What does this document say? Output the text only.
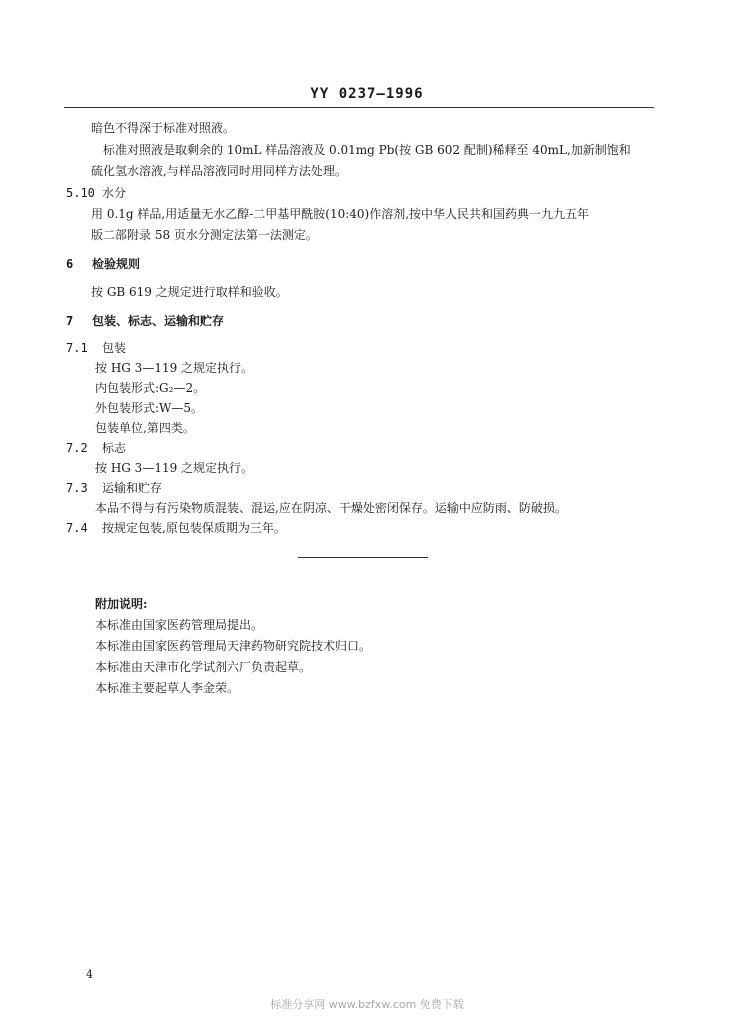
YY 0237—1996
暗色不得深于标准对照液。
标准对照液是取剩余的 10mL 样品溶液及 0.01mg Pb(按 GB 602 配制)稀释至 40mL,加新制饱和
硫化氢水溶液,与样品溶液同时用同样方法处理。
5.10 水分
用 0.1g 样品,用适量无水乙醇-二甲基甲酰胺(10:40)作溶剂,按中华人民共和国药典一九九五年
版二部附录 58 页水分测定法第一法测定。
6 检验规则
按 GB 619 之规定进行取样和验收。
7 包装、标志、运输和贮存
7.1 包装
按 HG 3—119 之规定执行。
内包装形式:G₂—2。
外包装形式:W—5。
包装单位,第四类。
7.2 标志
按 HG 3—119 之规定执行。
7.3 运输和贮存
本品不得与有污染物质混装、混运,应在阴凉、干燥处密闭保存。运输中应防雨、防破损。
7.4 按规定包装,原包装保质期为三年。
附加说明:
本标准由国家医药管理局提出。
本标准由国家医药管理局天津药物研究院技术归口。
本标准由天津市化学试剂六厂负责起草。
本标准主要起草人李金荣。
4
标准分享网 www.bzfxw.com 免费下载
